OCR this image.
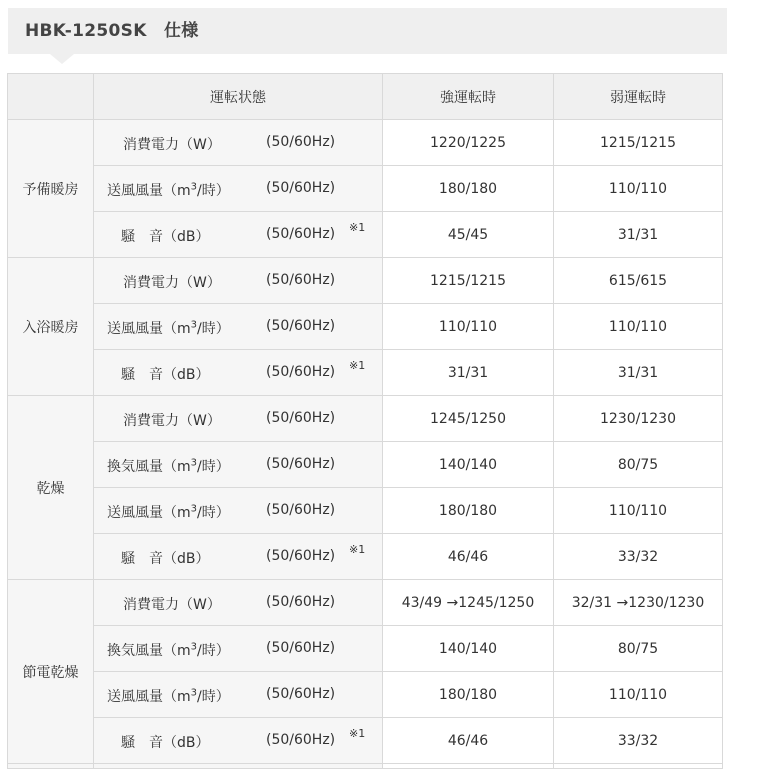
HBK-1250SK　仕様
	運転状態	強運転時	弱運転時
予備暖房	消費電力（W） (50/60Hz)	1220/1225	1215/1215

	送風風量（$m^3/$時） (50/60Hz)	180/180	110/110

	騒　音（dB） (50/60Hz) ※1	45/45	31/31
入浴暖房	消費電力（W） (50/60Hz)	1215/1215	615/615

	送風風量（$m^3/$時） (50/60Hz)	110/110	110/110

	騒　音（dB） (50/60Hz) ※1	31/31	31/31
乾燥	消費電力（W） (50/60Hz)	1245/1250	1230/1230

	換気風量（$m^3/$時） (50/60Hz)	140/140	80/75

	送風風量（$m^3/$時） (50/60Hz)	180/180	110/110

	騒　音（dB） (50/60Hz) ※1	46/46	33/32
節電乾燥	消費電力（W） (50/60Hz)	43/49 →1245/1250	32/31 →1230/1230

	換気風量（$m^3/$時） (50/60Hz)	140/140	80/75

	送風風量（$m^3/$時） (50/60Hz)	180/180	110/110

	騒　音（dB） (50/60Hz) ※1	46/46	33/32
